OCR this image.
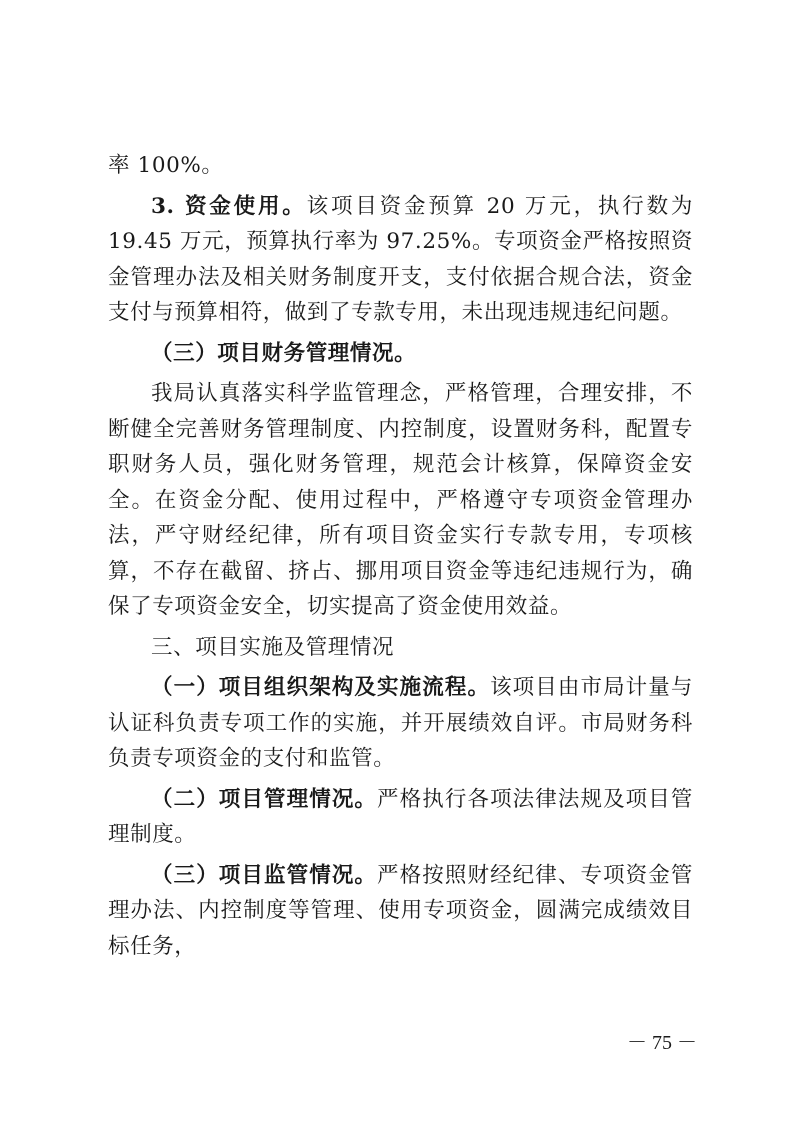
率 100%。

3. 资金使用。该项目资金预算 20 万元，执行数为 19.45 万元，预算执行率为 97.25%。专项资金严格按照资金管理办法及相关财务制度开支，支付依据合规合法，资金支付与预算相符，做到了专款专用，未出现违规违纪问题。

（三）项目财务管理情况。

我局认真落实科学监管理念，严格管理，合理安排，不断健全完善财务管理制度、内控制度，设置财务科，配置专职财务人员，强化财务管理，规范会计核算，保障资金安全。在资金分配、使用过程中，严格遵守专项资金管理办法，严守财经纪律，所有项目资金实行专款专用，专项核算，不存在截留、挤占、挪用项目资金等违纪违规行为，确保了专项资金安全，切实提高了资金使用效益。

三、项目实施及管理情况

（一）项目组织架构及实施流程。该项目由市局计量与认证科负责专项工作的实施，并开展绩效自评。市局财务科负责专项资金的支付和监管。

（二）项目管理情况。严格执行各项法律法规及项目管理制度。

（三）项目监管情况。严格按照财经纪律、专项资金管理办法、内控制度等管理、使用专项资金，圆满完成绩效目标任务，

－ 75 －
